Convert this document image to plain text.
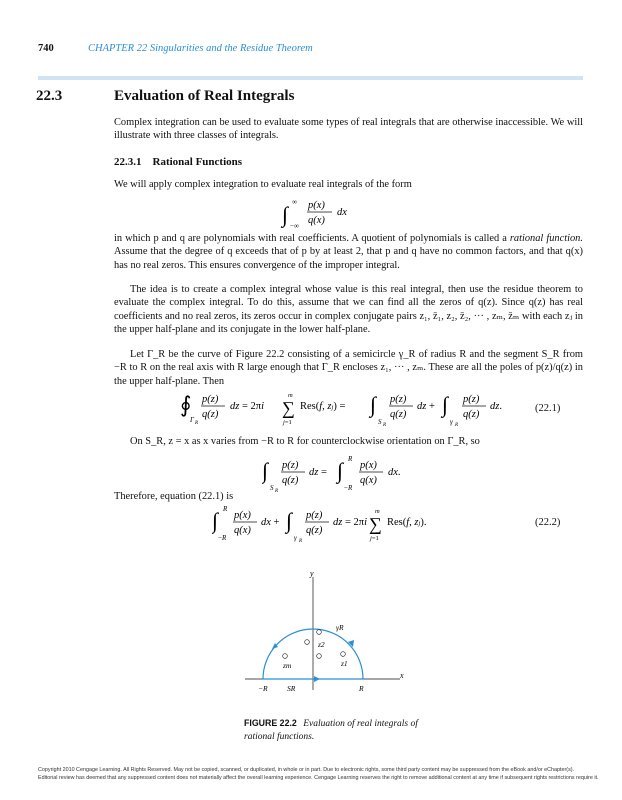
740	CHAPTER 22 Singularities and the Residue Theorem
22.3	Evaluation of Real Integrals
Complex integration can be used to evaluate some types of real integrals that are otherwise inaccessible. We will illustrate with three classes of integrals.
22.3.1 Rational Functions
We will apply complex integration to evaluate real integrals of the form
∫ ∞
−∞
p(x)
q(x)
dx
in which p and q are polynomials with real coefficients. A quotient of polynomials is called a rational function. Assume that the degree of q exceeds that of p by at least 2, that p and q have no common factors, and that q(x) has no real zeros. This ensures convergence of the improper integral.
The idea is to create a complex integral whose value is this real integral, then use the residue theorem to evaluate the complex integral. To do this, assume that we can find all the zeros of q(z). Since q(z) has real coefficients and no real zeros, its zeros occur in complex conjugate pairs z₁, z̄₁, z₂, z̄₂, ··· , zₘ, z̄ₘ with each zⱼ in the upper half-plane and its conjugate in the lower half-plane.
Let Γ_R be the curve of Figure 22.2 consisting of a semicircle γ_R of radius R and the segment S_R from −R to R on the real axis with R large enough that Γ_R encloses z₁, ··· , zₘ. These are all the poles of p(z)/q(z) in the upper half-plane. Then
∮
Γ R
p(z)
q(z)
dz = 2πi
m
∑
j=1
Res(f, zj) = ∫
S R
p(z)
q(z)
dz + ∫
γ R
p(z)
q(z)
dz.	(22.1)
On S_R, z = x as x varies from −R to R for counterclockwise orientation on Γ_R, so
∫
S R
p(z)
q(z)
dz = ∫ R
−R
p(x)
q(x)
dx.
Therefore, equation (22.1) is
∫ R
−R
p(x)
q(x)
dx + ∫
γ R
p(z)
q(z)
dz = 2πi
m
∑
j=1
Res(f, zj).	(22.2)
y
x
γR
z2
z1
zm
−R	SR	R
FIGURE 22.2 Evaluation of real integrals of rational functions.
Copyright 2010 Cengage Learning. All Rights Reserved. May not be copied, scanned, or duplicated, in whole or in part. Due to electronic rights, some third party content may be suppressed from the eBook and/or eChapter(s).
Editorial review has deemed that any suppressed content does not materially affect the overall learning experience. Cengage Learning reserves the right to remove additional content at any time if subsequent rights restrictions require it.
